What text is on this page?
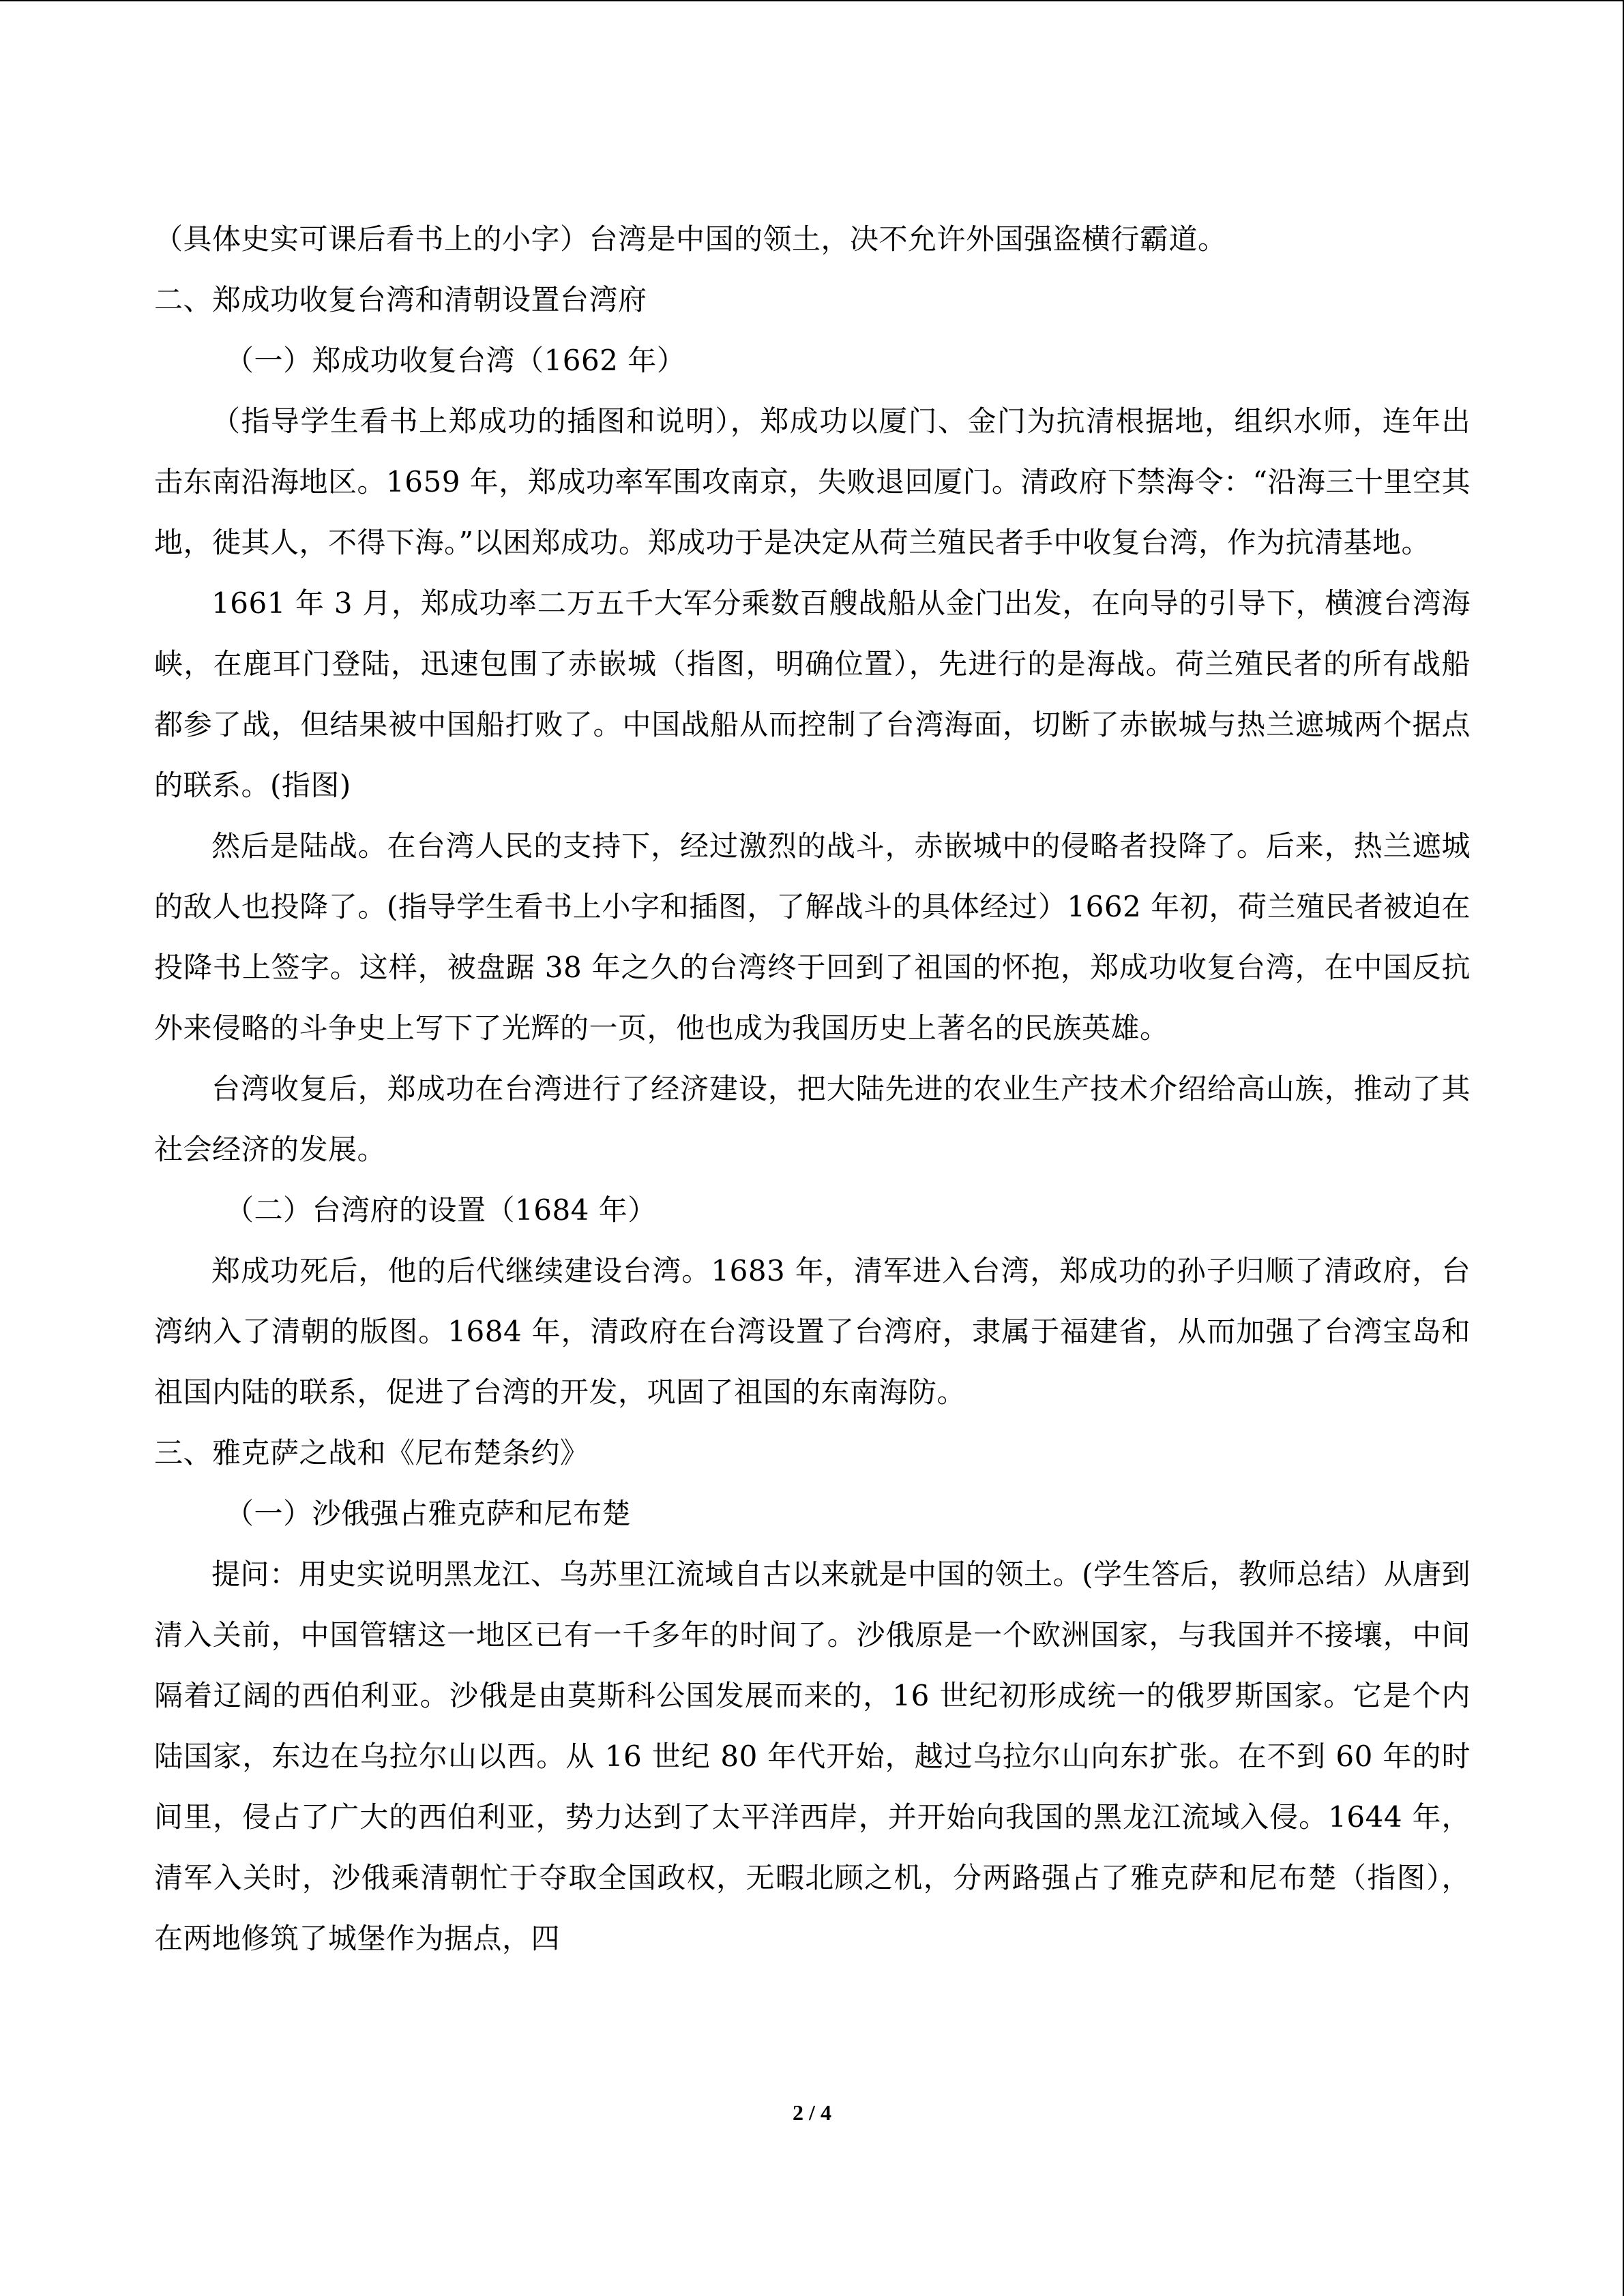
（具体史实可课后看书上的小字）台湾是中国的领土，决不允许外国强盗横行霸道。

二、郑成功收复台湾和清朝设置台湾府

（一）郑成功收复台湾（1662 年）

（指导学生看书上郑成功的插图和说明），郑成功以厦门、金门为抗清根据地，组织水师，连年出击东南沿海地区。1659 年，郑成功率军围攻南京，失败退回厦门。清政府下禁海令：“沿海三十里空其地，徙其人，不得下海。”以困郑成功。郑成功于是决定从荷兰殖民者手中收复台湾，作为抗清基地。

1661 年 3 月，郑成功率二万五千大军分乘数百艘战船从金门出发，在向导的引导下，横渡台湾海峡，在鹿耳门登陆，迅速包围了赤嵌城（指图，明确位置），先进行的是海战。荷兰殖民者的所有战船都参了战，但结果被中国船打败了。中国战船从而控制了台湾海面，切断了赤嵌城与热兰遮城两个据点的联系。(指图)

然后是陆战。在台湾人民的支持下，经过激烈的战斗，赤嵌城中的侵略者投降了。后来，热兰遮城的敌人也投降了。(指导学生看书上小字和插图，了解战斗的具体经过）1662 年初，荷兰殖民者被迫在投降书上签字。这样，被盘踞 38 年之久的台湾终于回到了祖国的怀抱，郑成功收复台湾，在中国反抗外来侵略的斗争史上写下了光辉的一页，他也成为我国历史上著名的民族英雄。

台湾收复后，郑成功在台湾进行了经济建设，把大陆先进的农业生产技术介绍给高山族，推动了其社会经济的发展。

（二）台湾府的设置（1684 年）

郑成功死后，他的后代继续建设台湾。1683 年，清军进入台湾，郑成功的孙子归顺了清政府，台湾纳入了清朝的版图。1684 年，清政府在台湾设置了台湾府，隶属于福建省，从而加强了台湾宝岛和祖国内陆的联系，促进了台湾的开发，巩固了祖国的东南海防。

三、雅克萨之战和《尼布楚条约》

（一）沙俄强占雅克萨和尼布楚

提问：用史实说明黑龙江、乌苏里江流域自古以来就是中国的领土。(学生答后，教师总结）从唐到清入关前，中国管辖这一地区已有一千多年的时间了。沙俄原是一个欧洲国家，与我国并不接壤，中间隔着辽阔的西伯利亚。沙俄是由莫斯科公国发展而来的，16 世纪初形成统一的俄罗斯国家。它是个内陆国家，东边在乌拉尔山以西。从 16 世纪 80 年代开始，越过乌拉尔山向东扩张。在不到 60 年的时间里，侵占了广大的西伯利亚，势力达到了太平洋西岸，并开始向我国的黑龙江流域入侵。1644 年，清军入关时，沙俄乘清朝忙于夺取全国政权，无暇北顾之机，分两路强占了雅克萨和尼布楚（指图），在两地修筑了城堡作为据点，四

2 / 4
